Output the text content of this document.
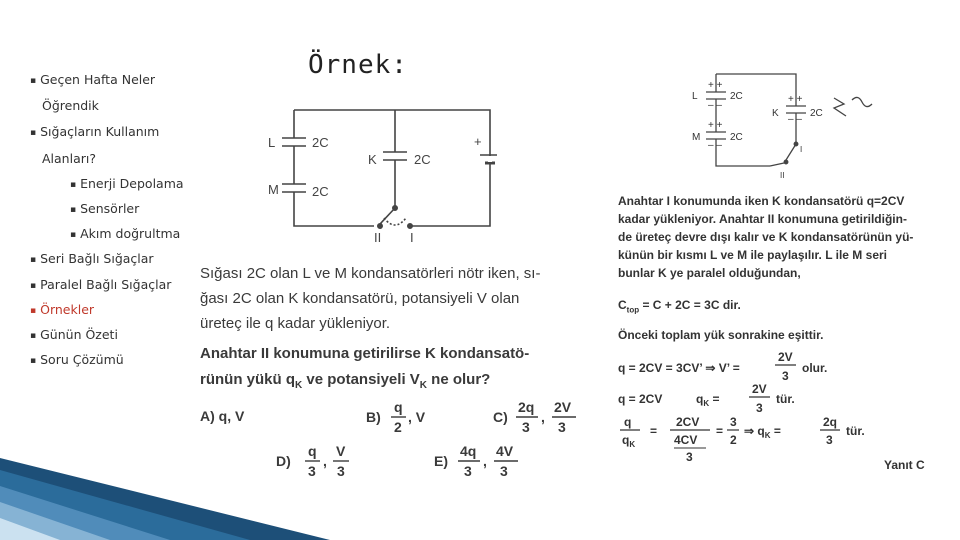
▪ Geçen Hafta Neler
Öğrendik
▪ Sığaçların Kullanım
Alanları?
▪ Enerji Depolama
▪ Sensörler
▪ Akım doğrultma
▪ Seri Bağlı Sığaçlar
▪ Paralel Bağlı Sığaçlar
▪ Örnekler
▪ Günün Özeti
▪ Soru Çözümü
Örnek:
L
M
2C
2C
K	2C
+
II I
Sığası 2C olan L ve M kondansatörleri nötr iken, sı-
ğası 2C olan K kondansatörü, potansiyeli V olan
üreteç ile q kadar yükleniyor.
Anahtar II konumuna getirilirse K kondansatö-
rünün yükü $q_K$ ve potansiyeli $V_K$ ne olur?
A) q, V	B)
q
2
, V	C)
2q
3
,
2V
3
D)
q
3
,
V
3
E)
4q
3
,
4V
3
+ +
+ +
+ +
– –
– –
– –
L
M
2C
2C
K	2C
II
I
Anahtar I konumunda iken K kondansatörü q=2CV
kadar yükleniyor. Anahtar II konumuna getirildiğin-
de üreteç devre dışı kalır ve K kondansatörünün yü-
künün bir kısmı L ve M ile paylaşılır. L ile M seri
bunlar K ye paralel olduğundan,
$C_{top} = C + 2C = 3C$ dir.
Önceki toplam yük sonrakine eşittir.
q = 2CV = 3CV’ ⇒ V’ =
2V
3
olur.
q = 2CV	$q_K$ =
2V
3
tür.
q
$q_K$
=
2CV
4CV
3
=
3
2
⇒ $q_K$ =
2q
3
tür.
Yanıt C
